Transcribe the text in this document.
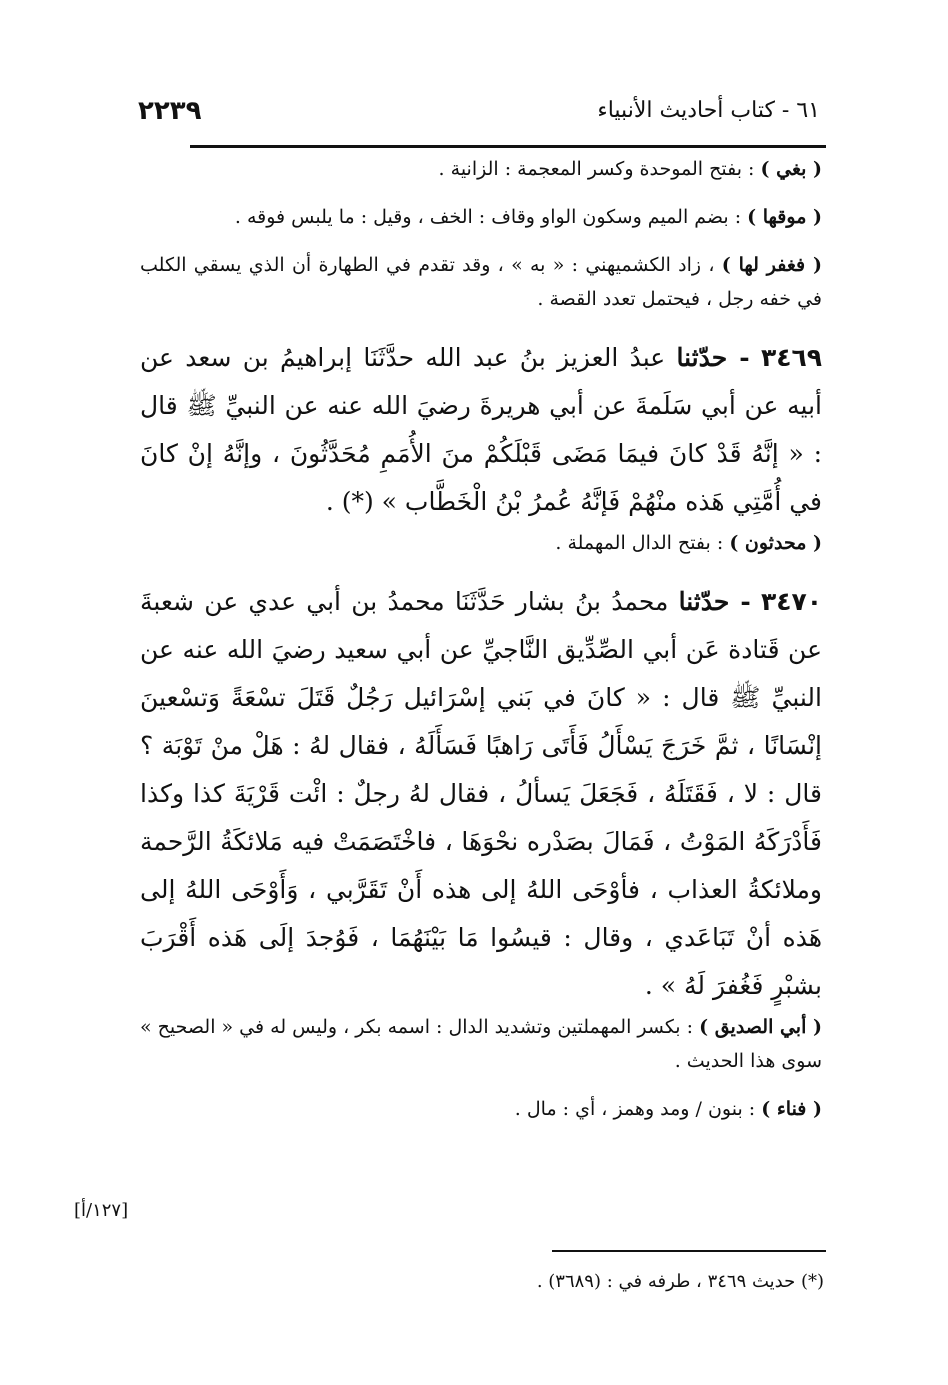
٢٢٣٩	٦١ - كتاب أحاديث الأنبياء

( بغي ) : بفتح الموحدة وكسر المعجمة : الزانية .

( موقها ) : بضم الميم وسكون الواو وقاف : الخف ، وقيل : ما يلبس فوقه .

( فغفر لها ) ، زاد الكشميهني : « به » ، وقد تقدم في الطهارة أن الذي يسقي الكلب في خفه رجل ، فيحتمل تعدد القصة .

٣٤٦٩ - حدّثنا عبدُ العزيز بنُ عبد الله حدَّثَنَا إبراهيمُ بن سعد عن أبيه عن أبي سَلَمةَ عن أبي هريرةَ رضيَ الله عنه عن النبيِّ ﷺ قال : « إنَّهُ قَدْ كانَ فيمَا مَضَى قَبْلَكُمْ منَ الأُمَمِ مُحَدَّثُونَ ، وإنَّهُ إنْ كانَ في أُمَّتِي هَذه منْهُمْ فَإنَّهُ عُمرُ بْنُ الْخَطَّاب » (*) .

( محدثون ) : بفتح الدال المهملة .

٣٤٧٠ - حدّثنا محمدُ بنُ بشار حَدَّثَنَا محمدُ بن أبي عدي عن شعبةَ عن قَتادة عَن أبي الصِّدِّيق النَّاجيِّ عن أبي سعيد رضيَ الله عنه عن النبيِّ ﷺ قال : « كانَ في بَني إسْرَائيل رَجُلٌ قَتَلَ تسْعَةً وَتسْعينَ إنْسَانًا ، ثمَّ خَرَجَ يَسْأَلُ فَأَتَى رَاهبًا فَسَأَلَهُ ، فقال لهُ : هَلْ منْ تَوْبَة ؟ قال : لا ، فَقَتَلَهُ ، فَجَعَلَ يَسألُ ، فقال لهُ رجلٌ : ائْت قَرْيَةَ كذا وكذا فَأَدْرَكَهُ المَوْتُ ، فَمَالَ بصَدْره نحْوَهَا ، فاخْتَصَمَتْ فيه مَلائكَةُ الرَّحمة وملائكةُ العذاب ، فأوْحَى اللهُ إلى هذه أَنْ تَقَرَّبي ، وَأَوْحَى اللهُ إلى هَذه أنْ تَبَاعَدي ، وقال : قيسُوا مَا بَيْنَهُمَا ، فَوُجدَ إلَى هَذه أَقْرَبَ بشبْرٍ فَغُفرَ لَهُ » .

( أبي الصديق ) : بكسر المهملتين وتشديد الدال : اسمه بكر ، وليس له في « الصحيح » سوى هذا الحديث .

( فناء ) : بنون / ومد وهمز ، أي : مال .

[١٢٧/أ]
(*) حديث ٣٤٦٩ ، طرفه في : (٣٦٨٩) .
